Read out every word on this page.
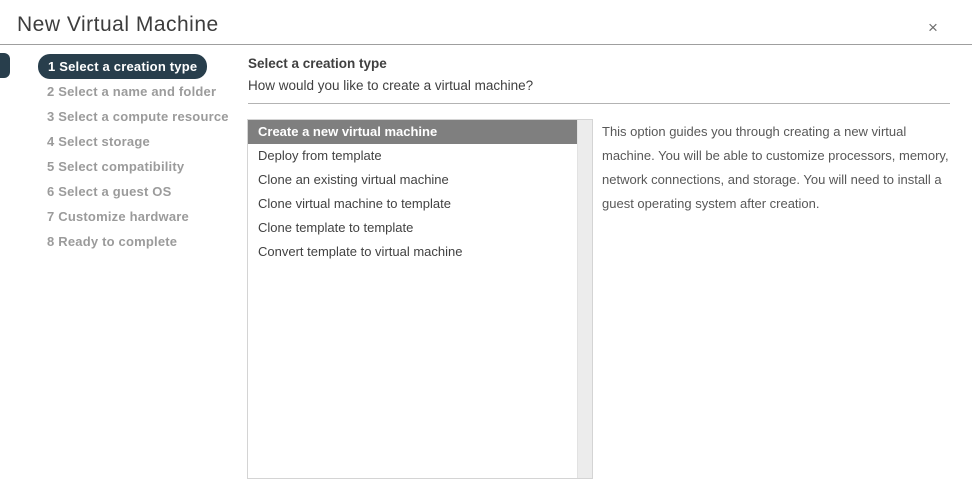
New Virtual Machine	×
1 Select a creation type
2 Select a name and folder
3 Select a compute resource
4 Select storage
5 Select compatibility
6 Select a guest OS
7 Customize hardware
8 Ready to complete
Select a creation type
How would you like to create a virtual machine?
Create a new virtual machine
Deploy from template
Clone an existing virtual machine
Clone virtual machine to template
Clone template to template
Convert template to virtual machine

This option guides you through creating a new virtual machine. You will be able to customize processors, memory, network connections, and storage. You will need to install a guest operating system after creation.
